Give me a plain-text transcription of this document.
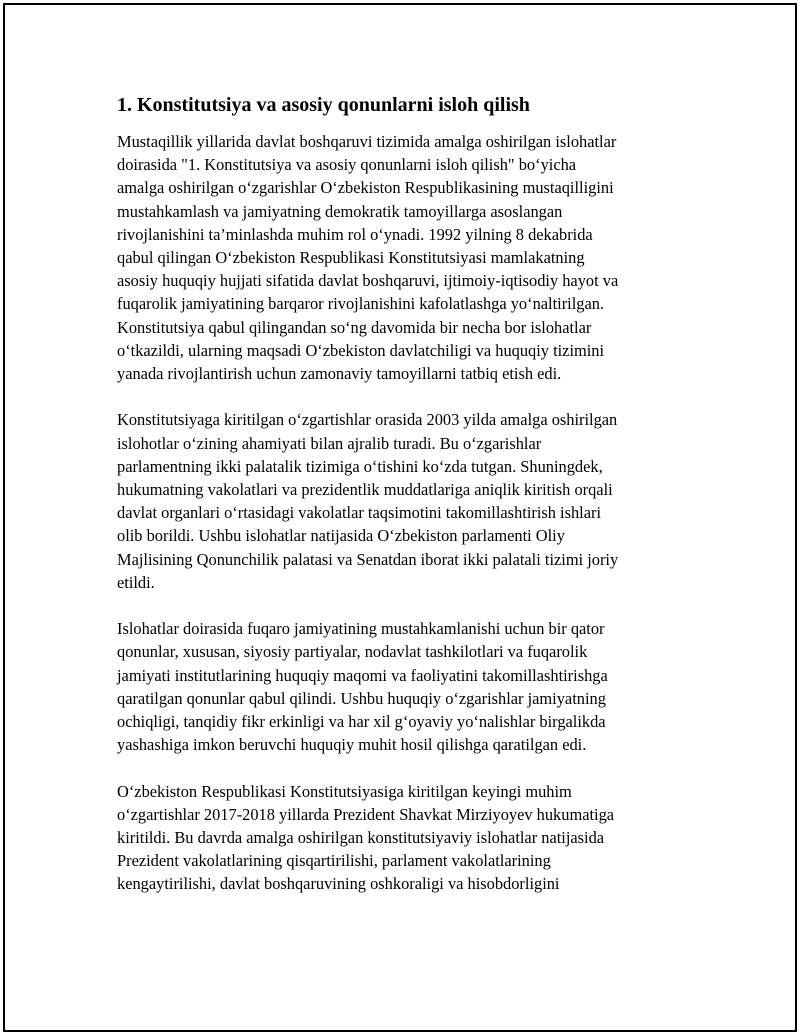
1. Konstitutsiya va asosiy qonunlarni isloh qilish

Mustaqillik yillarida davlat boshqaruvi tizimida amalga oshirilgan islohatlar
doirasida "1. Konstitutsiya va asosiy qonunlarni isloh qilish" bo‘yicha
amalga oshirilgan o‘zgarishlar O‘zbekiston Respublikasining mustaqilligini
mustahkamlash va jamiyatning demokratik tamoyillarga asoslangan
rivojlanishini ta’minlashda muhim rol o‘ynadi. 1992 yilning 8 dekabrida
qabul qilingan O‘zbekiston Respublikasi Konstitutsiyasi mamlakatning
asosiy huquqiy hujjati sifatida davlat boshqaruvi, ijtimoiy-iqtisodiy hayot va
fuqarolik jamiyatining barqaror rivojlanishini kafolatlashga yo‘naltirilgan.
Konstitutsiya qabul qilingandan so‘ng davomida bir necha bor islohatlar
o‘tkazildi, ularning maqsadi O‘zbekiston davlatchiligi va huquqiy tizimini
yanada rivojlantirish uchun zamonaviy tamoyillarni tatbiq etish edi.

Konstitutsiyaga kiritilgan o‘zgartishlar orasida 2003 yilda amalga oshirilgan
islohotlar o‘zining ahamiyati bilan ajralib turadi. Bu o‘zgarishlar
parlamentning ikki palatalik tizimiga o‘tishini ko‘zda tutgan. Shuningdek,
hukumatning vakolatlari va prezidentlik muddatlariga aniqlik kiritish orqali
davlat organlari o‘rtasidagi vakolatlar taqsimotini takomillashtirish ishlari
olib borildi. Ushbu islohatlar natijasida O‘zbekiston parlamenti Oliy
Majlisining Qonunchilik palatasi va Senatdan iborat ikki palatali tizimi joriy
etildi.

Islohatlar doirasida fuqaro jamiyatining mustahkamlanishi uchun bir qator
qonunlar, xususan, siyosiy partiyalar, nodavlat tashkilotlari va fuqarolik
jamiyati institutlarining huquqiy maqomi va faoliyatini takomillashtirishga
qaratilgan qonunlar qabul qilindi. Ushbu huquqiy o‘zgarishlar jamiyatning
ochiqligi, tanqidiy fikr erkinligi va har xil g‘oyaviy yo‘nalishlar birgalikda
yashashiga imkon beruvchi huquqiy muhit hosil qilishga qaratilgan edi.

O‘zbekiston Respublikasi Konstitutsiyasiga kiritilgan keyingi muhim
o‘zgartishlar 2017-2018 yillarda Prezident Shavkat Mirziyoyev hukumatiga
kiritildi. Bu davrda amalga oshirilgan konstitutsiyaviy islohatlar natijasida
Prezident vakolatlarining qisqartirilishi, parlament vakolatlarining
kengaytirilishi, davlat boshqaruvining oshkoraligi va hisobdorligini
